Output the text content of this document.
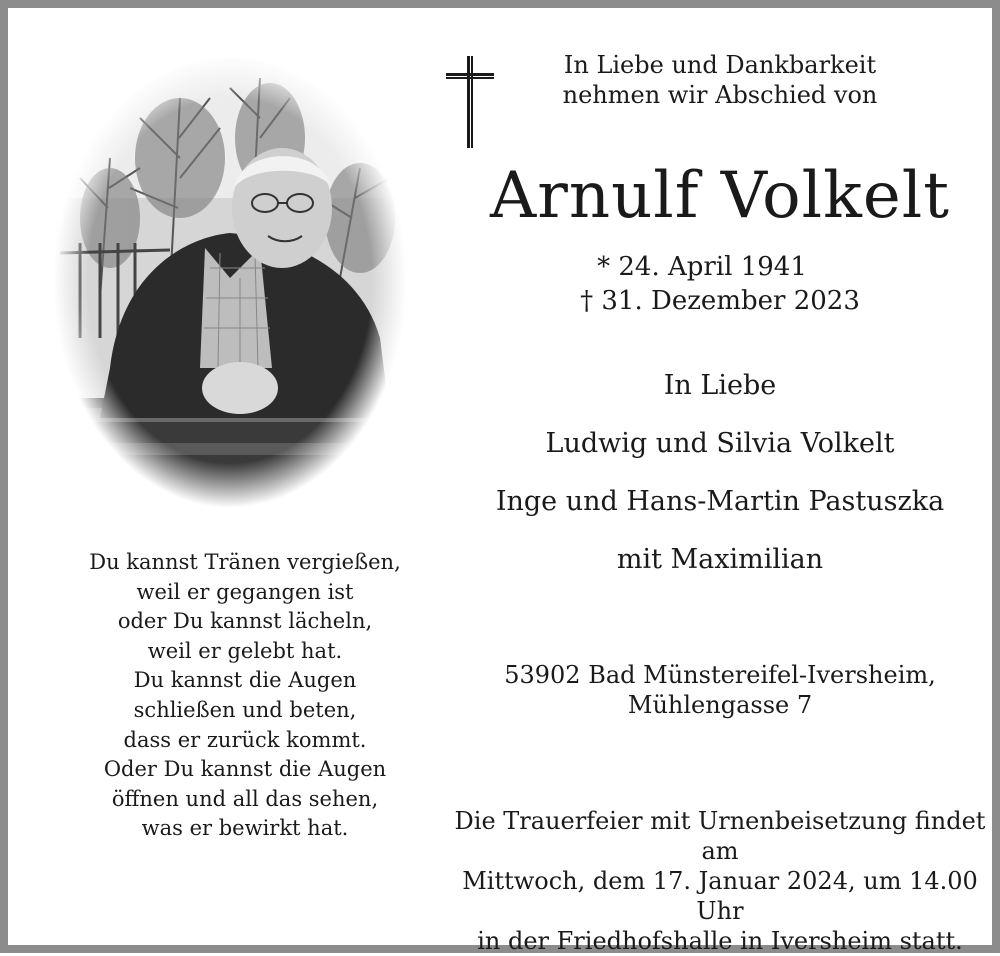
In Liebe und Dankbarkeit
nehmen wir Abschied von
Arnulf Volkelt
* 24. April 1941† 31. Dezember 2023
In Liebe
Ludwig und Silvia Volkelt
Inge und Hans-Martin Pastuszka
mit Maximilian
53902 Bad Münstereifel-Iversheim,
Mühlengasse 7
Die Trauerfeier mit Urnenbeisetzung findet am
Mittwoch, dem 17. Januar 2024, um 14.00 Uhr
in der Friedhofshalle in Iversheim statt.
Du kannst Tränen vergießen,
weil er gegangen ist
oder Du kannst lächeln,
weil er gelebt hat.
Du kannst die Augen
schließen und beten,
dass er zurück kommt.
Oder Du kannst die Augen
öffnen und all das sehen,
was er bewirkt hat.
